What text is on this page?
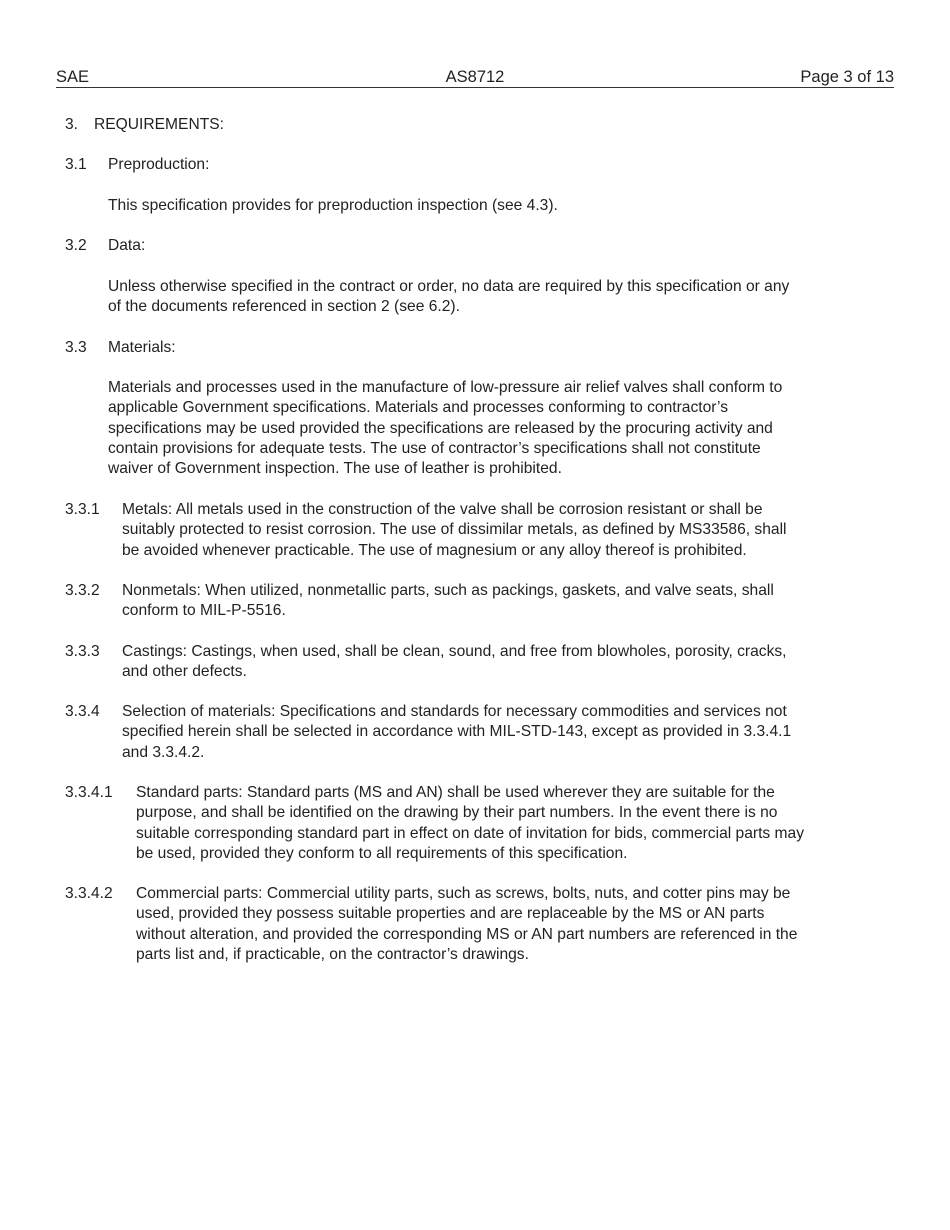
SAE	AS8712	Page 3 of 13
3. REQUIREMENTS:
3.1 Preproduction:
This specification provides for preproduction inspection (see 4.3).
3.2 Data:
Unless otherwise specified in the contract or order, no data are required by this specification or any
of the documents referenced in section 2 (see 6.2).
3.3 Materials:
Materials and processes used in the manufacture of low-pressure air relief valves shall conform to
applicable Government specifications. Materials and processes conforming to contractor’s
specifications may be used provided the specifications are released by the procuring activity and
contain provisions for adequate tests. The use of contractor’s specifications shall not constitute
waiver of Government inspection. The use of leather is prohibited.
3.3.1 Metals: All metals used in the construction of the valve shall be corrosion resistant or shall be
suitably protected to resist corrosion. The use of dissimilar metals, as defined by MS33586, shall
be avoided whenever practicable. The use of magnesium or any alloy thereof is prohibited.
3.3.2 Nonmetals: When utilized, nonmetallic parts, such as packings, gaskets, and valve seats, shall
conform to MIL-P-5516.
3.3.3 Castings: Castings, when used, shall be clean, sound, and free from blowholes, porosity, cracks,
and other defects.
3.3.4 Selection of materials: Specifications and standards for necessary commodities and services not
specified herein shall be selected in accordance with MIL-STD-143, except as provided in 3.3.4.1
and 3.3.4.2.
3.3.4.1 Standard parts: Standard parts (MS and AN) shall be used wherever they are suitable for the
purpose, and shall be identified on the drawing by their part numbers. In the event there is no
suitable corresponding standard part in effect on date of invitation for bids, commercial parts may
be used, provided they conform to all requirements of this specification.
3.3.4.2 Commercial parts: Commercial utility parts, such as screws, bolts, nuts, and cotter pins may be
used, provided they possess suitable properties and are replaceable by the MS or AN parts
without alteration, and provided the corresponding MS or AN part numbers are referenced in the
parts list and, if practicable, on the contractor’s drawings.
